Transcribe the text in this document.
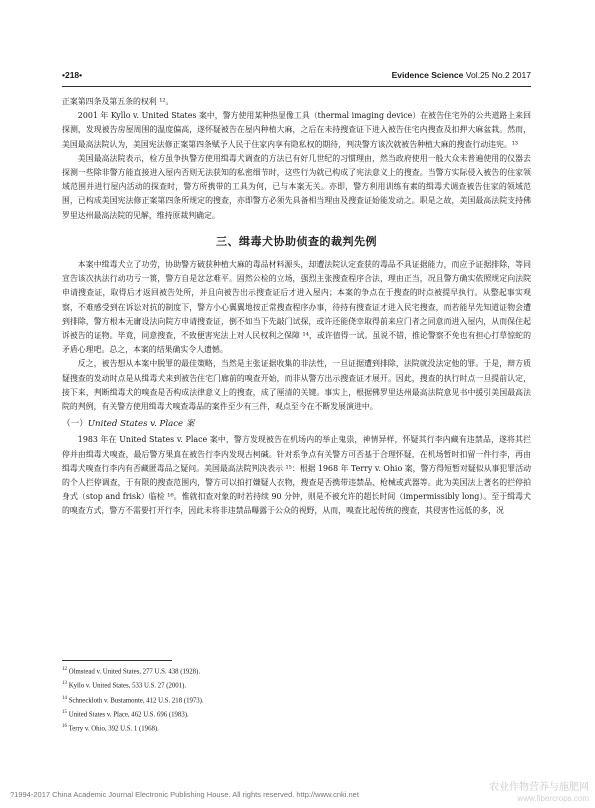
•218•	Evidence Science Vol.25 No.2 2017

正案第四条及第五条的权利 ¹²。

2001 年 Kyllo v. United States 案中，警方使用某种热显像工具（thermal imaging device）在被告住宅外的公共道路上来回探测，发现被告房屋周围的温度偏高，遂怀疑被告在屋内种植大麻，之后在未持搜查证下进入被告住宅内搜查及扣押大麻盆栽。然而，美国最高法院认为，美国宪法修正案第四条赋予人民于住家内享有隐私权的期待，判决警方该次就被告种植大麻的搜查行动违宪。¹³

美国最高法院表示，检方虽争执警方使用缉毒犬调查的方法已有好几世纪的习惯理由，然当政府使用一般大众未普遍使用的仪器去探测一些除非警方能直接进入屋内否则无法获知的私密细节时，这些行为就已构成了宪法意义上的搜查。当警方实际侵入被告的住家领域范围并进行屋内活动的探查时，警方所携带的工具为何，已与本案无关。亦即，警方利用训练有素的缉毒犬调查被告住家的领域范围，已构成美国宪法修正案第四条所规定的搜查，亦即警方必须先具备相当理由及搜查证始能发动之。职是之故，美国最高法院支持佛罗里达州最高法院的见解，维持原裁判确定。

三、缉毒犬协助侦查的裁判先例

本案中缉毒犬立了功劳，协助警方破获种植大麻的毒品材料源头，却遭法院认定查获的毒品不具证据能力，而应予证据排除，等同宣告该次执法行动功亏一篑，警方自是忿忿难平。固然公检的立场，强烈主张搜查程序合法，理由正当，况且警方确实依照规定向法院申请搜查证，取得后才返回被告处所，并且向被告出示搜查证后才进入屋内；本案的争点在于搜查的时点被提早执行。从整起事实观察，不难感受到在诉讼对抗的制度下，警方小心翼翼地按正常搜查程序办事，待持有搜查证才进入民宅搜查，而若能早先知道证物会遭到排除，警方根本无庸设法向院方申请搜查证，倒不如当下先敲门试探，或许还能侥幸取得前来应门者之同意而进入屋内，从而保住起诉被告的证物。毕竟，同意搜查，不致便害宪法上对人民权利之保障 ¹⁴，或许值得一试。虽说不错，推论警察不免也有担心打草惊蛇的矛盾心理吧。总之，本案的结果确实令人遗憾。

反之，被告想从本案中脱罪的最佳策略，当然是主张证据收集的非法性，一旦证据遭到排除，法院就没法定他的罪。于是，辩方质疑搜查的发动时点是从缉毒犬来到被告住宅门廊前的嗅查开始，而非从警方出示搜查证才展开。因此，搜查的执行时点一旦提前认定，接下来，判断缉毒犬的嗅查是否构成法律意义上的搜查，成了厘清的关键。事实上，根据佛罗里达州最高法院意见书中援引美国最高法院的判例，有关警方使用缉毒犬嗅查毒品的案件至少有三件，观点至今在不断发展演进中。

（一）United States v. Place 案

1983 年在 United States v. Place 案中，警方发现被告在机场内的举止鬼祟，神情异样，怀疑其行李内藏有违禁品，遂将其拦停并由缉毒犬嗅查，最后警方果真在被告行李内发现古柯碱。针对系争点有关警方可否基于合理怀疑，在机场暂时扣留一件行李，再由缉毒犬嗅查行李内有否藏匿毒品之疑问。美国最高法院判决表示 ¹⁵：根据 1968 年 Terry v. Ohio 案，警方得短暂对疑似从事犯罪活动的个人拦停调查，于有限的搜查范围内，警方可以拍打嫌疑人衣物，搜查是否携带违禁品、枪械或武器等。此为美国法上著名的拦停拍身式（stop and frisk）临检 ¹⁶。惟就扣查对象的时若持续 90 分钟，则是不被允许的超长时间（impermissibly long）。至于缉毒犬的嗅查方式，警方不需要打开行李，因此未将非违禁品曝露于公众的视野，从而，嗅查比起传统的搜查，其侵害性远低的多，况

$^{12}$ Olmstead v. United States, 277 U.S. 438 (1928).
$^{13}$ Kyllo v. United States, 533 U.S. 27 (2001).
$^{14}$ Schneckloth v. Bustamonte, 412 U.S. 218 (1973).
$^{15}$ United States v. Place, 462 U.S. 696 (1983).
$^{16}$ Terry v. Ohio, 392 U.S. 1 (1968).
?1994-2017 China Academic Journal Electronic Publishing House. All rights reserved. http://www.cnki.net
农业作物营养与施肥网
www.fibercrops.com
